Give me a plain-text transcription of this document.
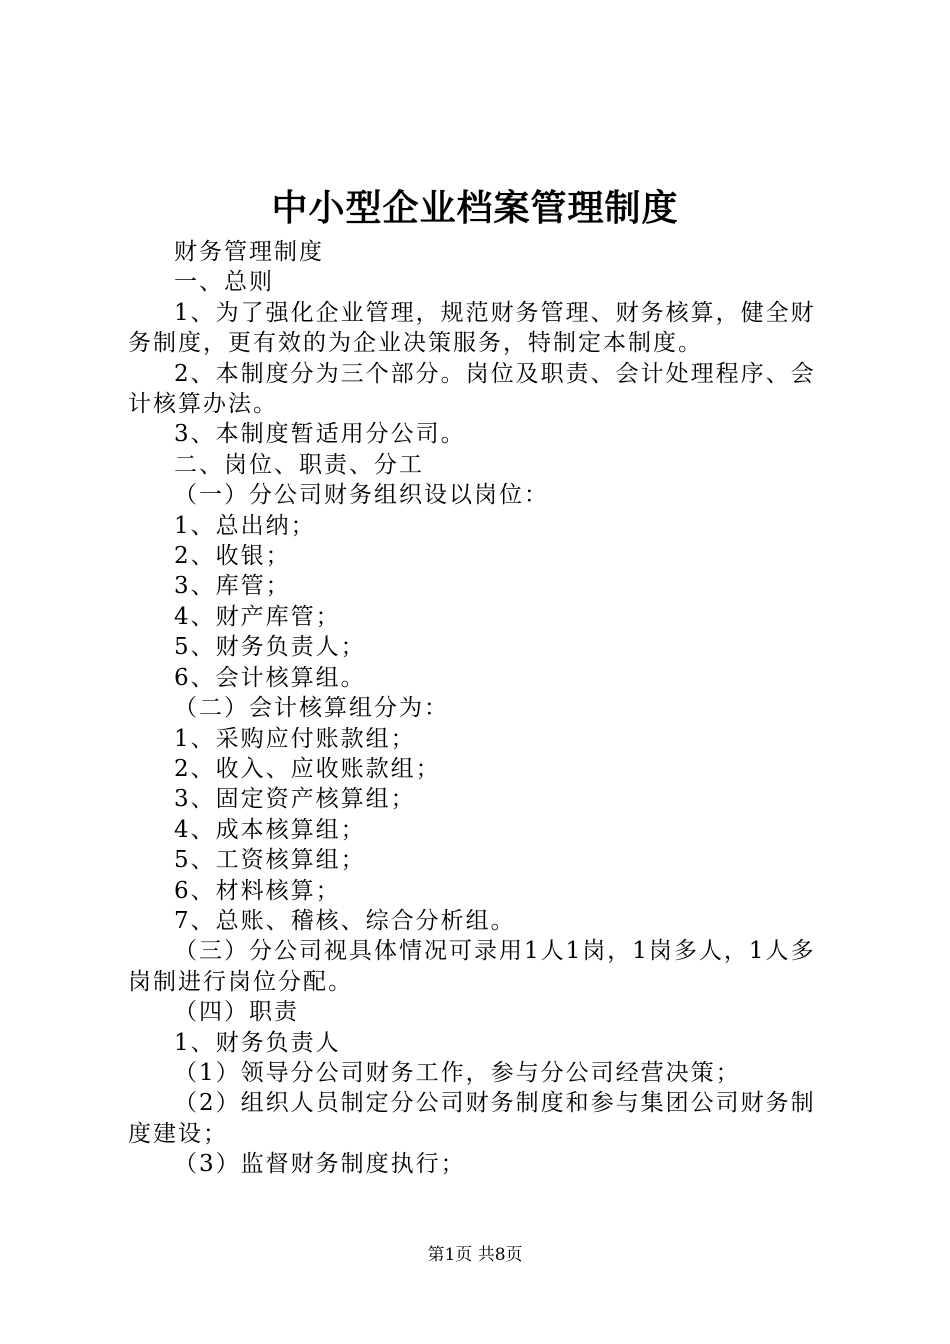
中小型企业档案管理制度

财务管理制度

一、总则

1、为了强化企业管理，规范财务管理、财务核算，健全财务制度，更有效的为企业决策服务，特制定本制度。

2、本制度分为三个部分。岗位及职责、会计处理程序、会计核算办法。

3、本制度暂适用分公司。

二、岗位、职责、分工

（一）分公司财务组织设以岗位：

1、总出纳；

2、收银；

3、库管；

4、财产库管；

5、财务负责人；

6、会计核算组。

（二）会计核算组分为：

1、采购应付账款组；

2、收入、应收账款组；

3、固定资产核算组；

4、成本核算组；

5、工资核算组；

6、材料核算；

7、总账、稽核、综合分析组。

（三）分公司视具体情况可录用1人1岗，1岗多人，1人多岗制进行岗位分配。

（四）职责

1、财务负责人

（1）领导分公司财务工作，参与分公司经营决策；

（2）组织人员制定分公司财务制度和参与集团公司财务制度建设；

（3）监督财务制度执行；

第1页 共8页
